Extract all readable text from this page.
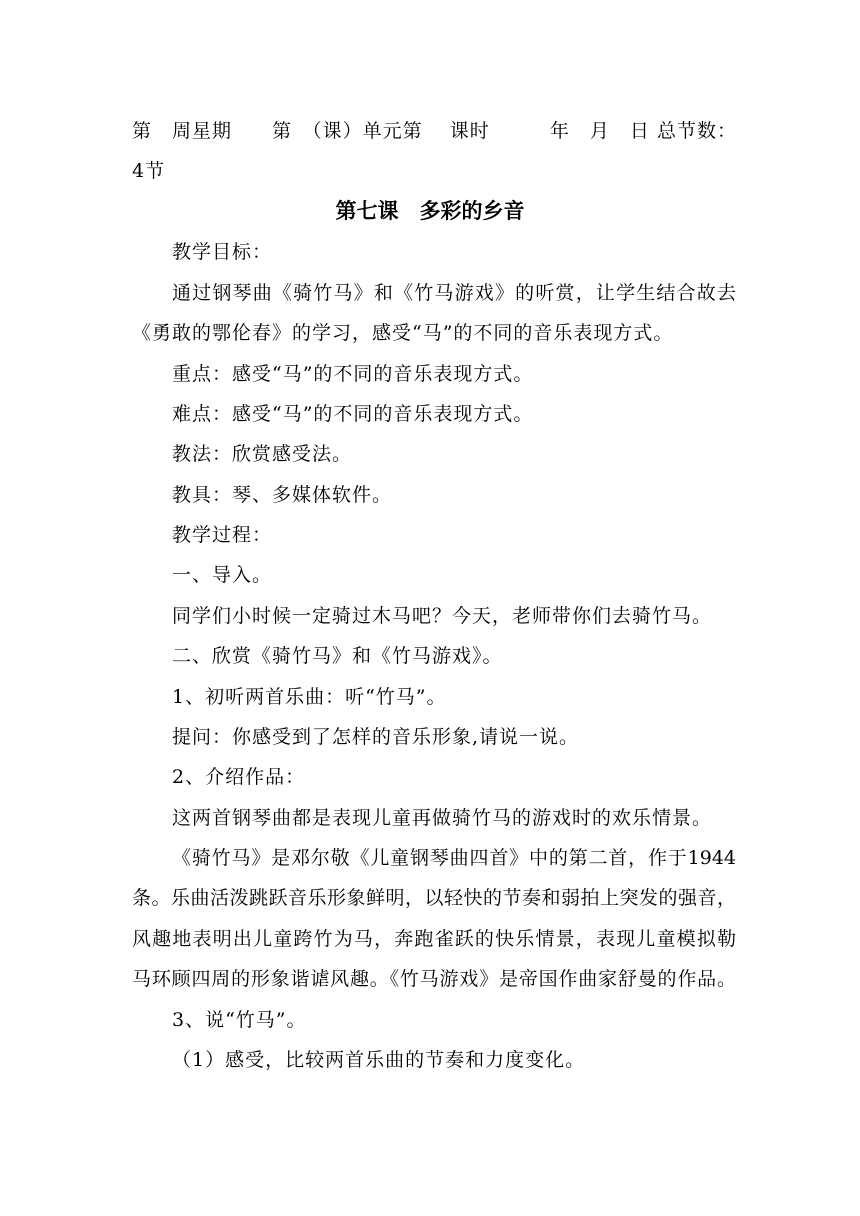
第　周星期　　第　（课）单元第　 课时　　　年　月　日 总节数：
4节
第七课　多彩的乡音
教学目标：
通过钢琴曲《骑竹马》和《竹马游戏》的听赏，让学生结合故去
《勇敢的鄂伦春》的学习，感受“马”的不同的音乐表现方式。
重点：感受“马”的不同的音乐表现方式。
难点：感受“马”的不同的音乐表现方式。
教法：欣赏感受法。
教具：琴、多媒体软件。
教学过程：
一、导入。
同学们小时候一定骑过木马吧？今天，老师带你们去骑竹马。
二、欣赏《骑竹马》和《竹马游戏》。
1、初听两首乐曲：听“竹马”。
提问：你感受到了怎样的音乐形象,请说一说。
2、介绍作品：
这两首钢琴曲都是表现儿童再做骑竹马的游戏时的欢乐情景。
《骑竹马》是邓尔敬《儿童钢琴曲四首》中的第二首，作于1944
条。乐曲活泼跳跃音乐形象鲜明，以轻快的节奏和弱拍上突发的强音，
风趣地表明出儿童跨竹为马，奔跑雀跃的快乐情景，表现儿童模拟勒
马环顾四周的形象谐谑风趣。《竹马游戏》是帝国作曲家舒曼的作品。
3、说“竹马”。
（1）感受，比较两首乐曲的节奏和力度变化。
